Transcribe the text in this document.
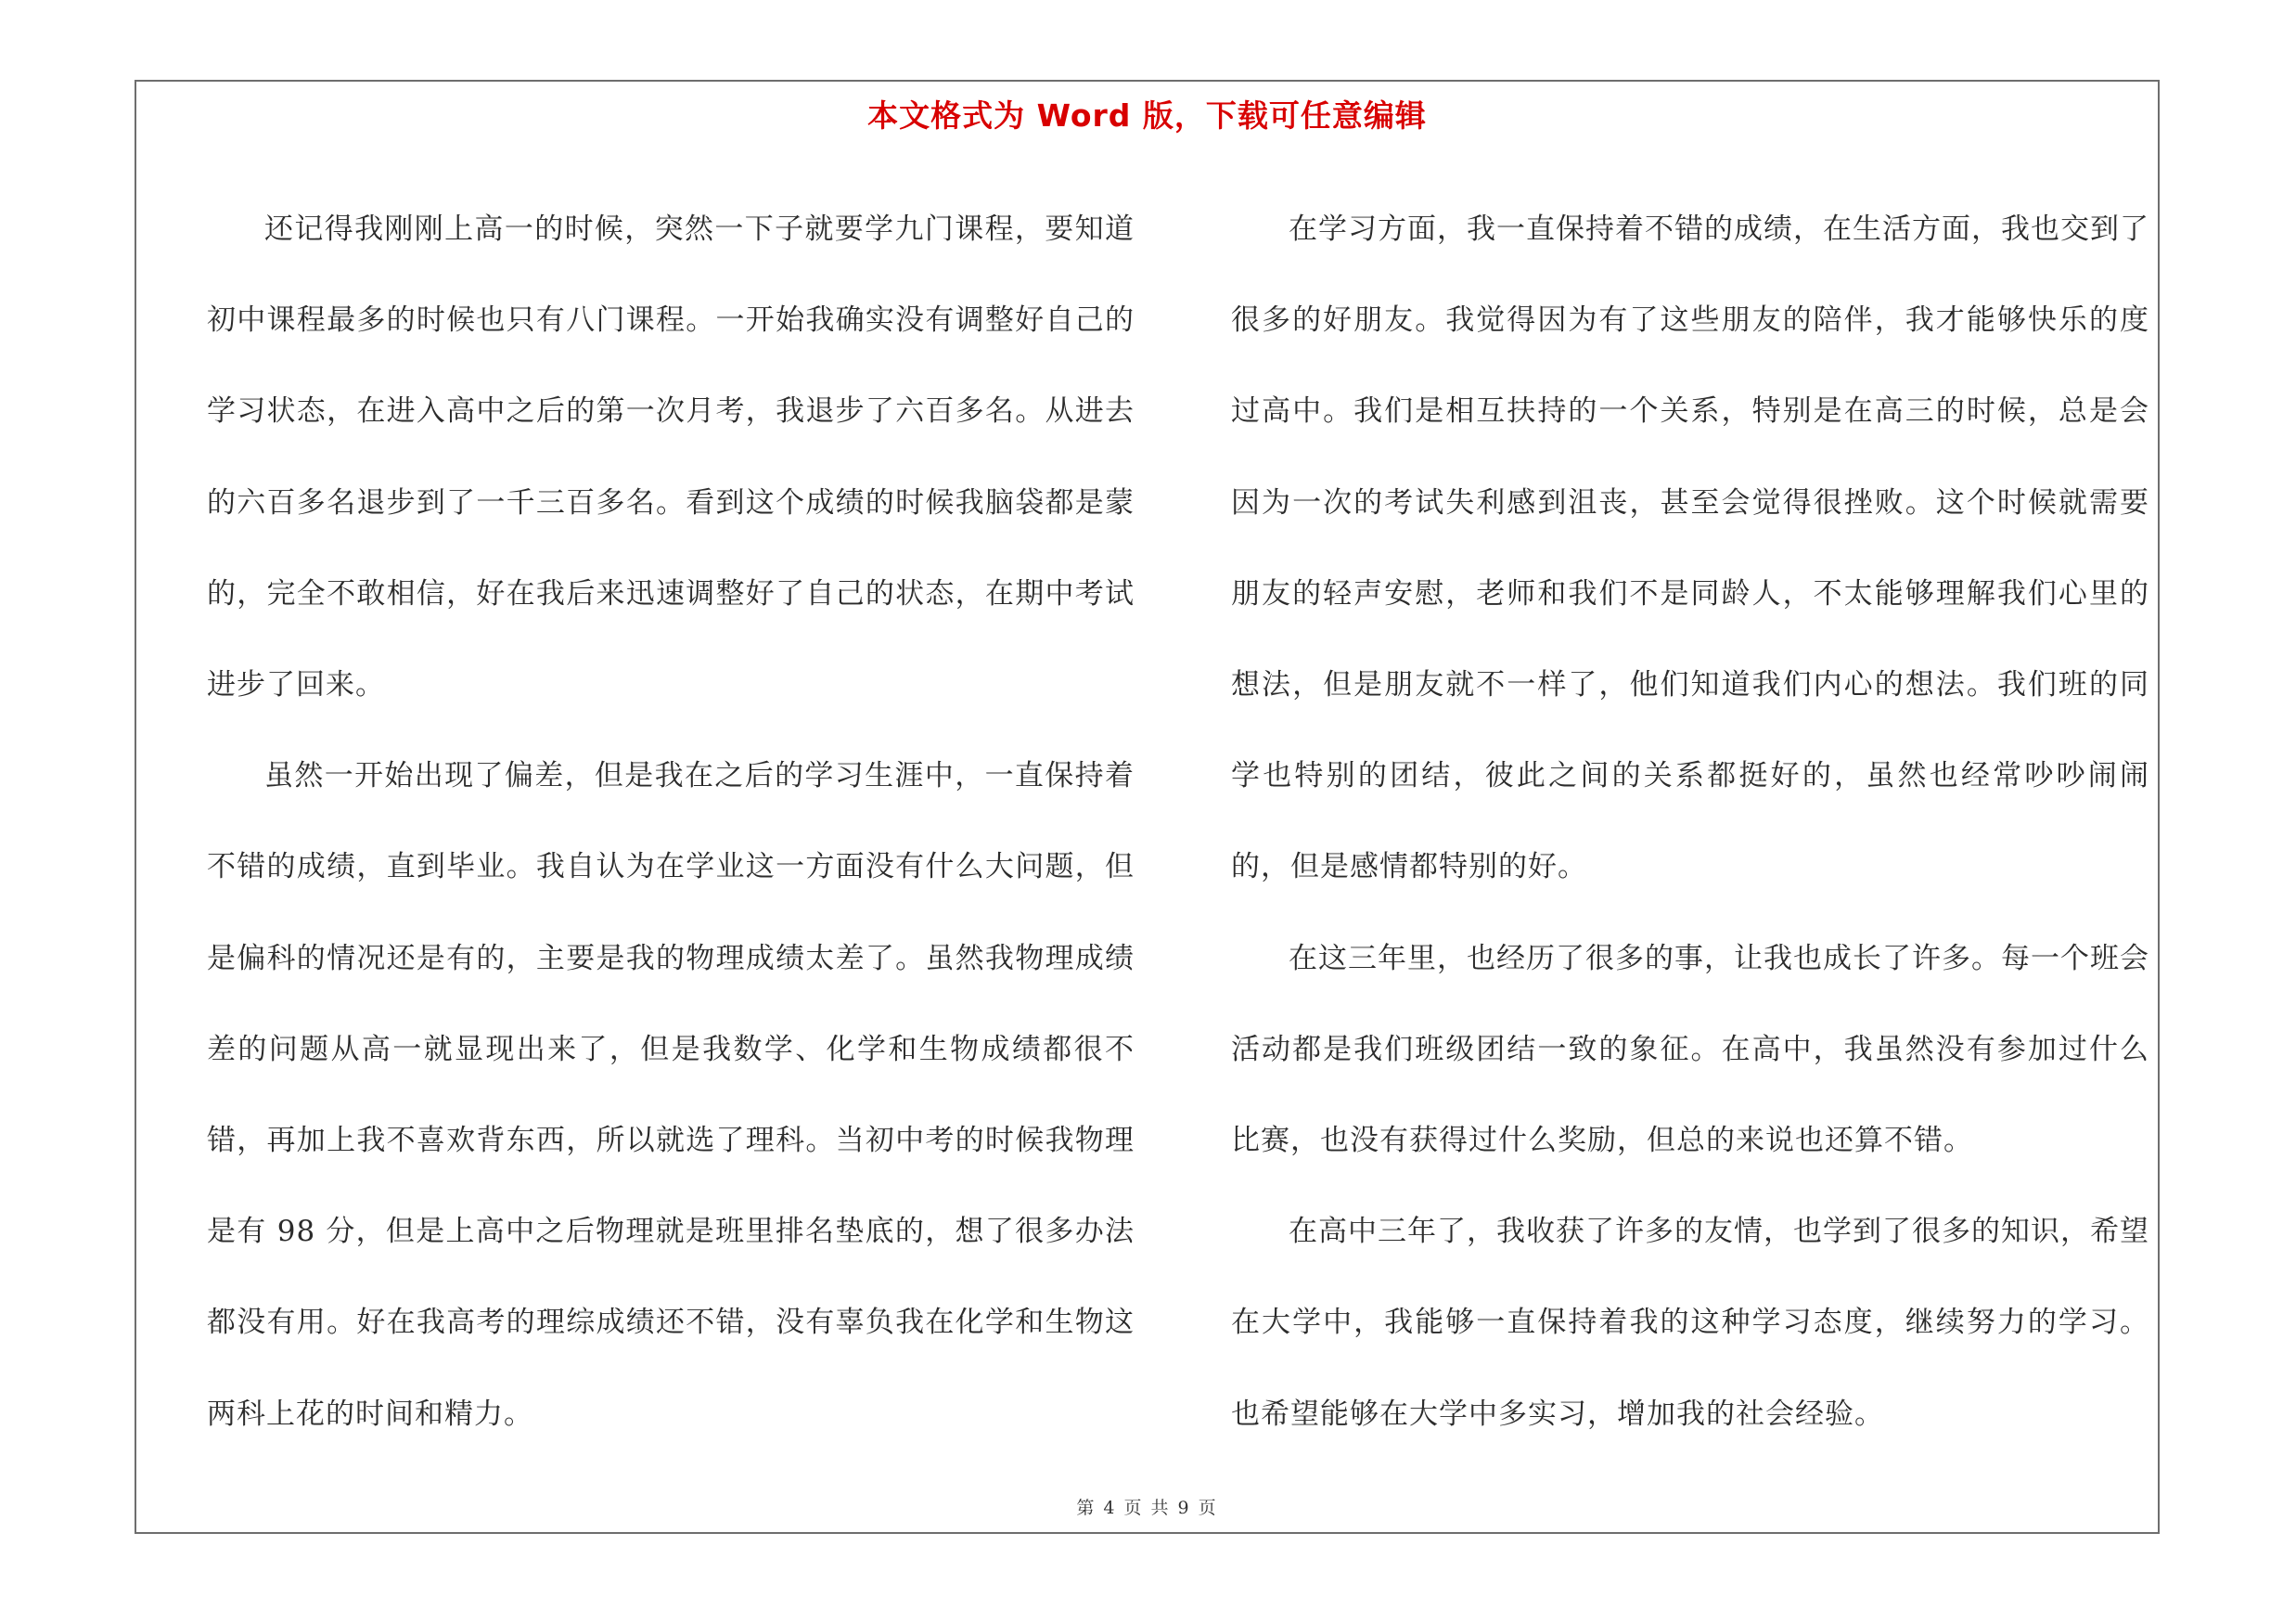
本文格式为 Word 版，下载可任意编辑

还记得我刚刚上高一的时候，突然一下子就要学九门课程，要知道初中课程最多的时候也只有八门课程。一开始我确实没有调整好自己的学习状态，在进入高中之后的第一次月考，我退步了六百多名。从进去的六百多名退步到了一千三百多名。看到这个成绩的时候我脑袋都是蒙的，完全不敢相信，好在我后来迅速调整好了自己的状态，在期中考试进步了回来。

虽然一开始出现了偏差，但是我在之后的学习生涯中，一直保持着不错的成绩，直到毕业。我自认为在学业这一方面没有什么大问题，但是偏科的情况还是有的，主要是我的物理成绩太差了。虽然我物理成绩差的问题从高一就显现出来了，但是我数学、化学和生物成绩都很不错，再加上我不喜欢背东西，所以就选了理科。当初中考的时候我物理是有 98 分，但是上高中之后物理就是班里排名垫底的，想了很多办法都没有用。好在我高考的理综成绩还不错，没有辜负我在化学和生物这两科上花的时间和精力。

在学习方面，我一直保持着不错的成绩，在生活方面，我也交到了很多的好朋友。我觉得因为有了这些朋友的陪伴，我才能够快乐的度过高中。我们是相互扶持的一个关系，特别是在高三的时候，总是会因为一次的考试失利感到沮丧，甚至会觉得很挫败。这个时候就需要朋友的轻声安慰，老师和我们不是同龄人，不太能够理解我们心里的想法，但是朋友就不一样了，他们知道我们内心的想法。我们班的同学也特别的团结，彼此之间的关系都挺好的，虽然也经常吵吵闹闹的，但是感情都特别的好。

在这三年里，也经历了很多的事，让我也成长了许多。每一个班会活动都是我们班级团结一致的象征。在高中，我虽然没有参加过什么比赛，也没有获得过什么奖励，但总的来说也还算不错。

在高中三年了，我收获了许多的友情，也学到了很多的知识，希望在大学中，我能够一直保持着我的这种学习态度，继续努力的学习。也希望能够在大学中多实习，增加我的社会经验。

第 4 页 共 9 页
